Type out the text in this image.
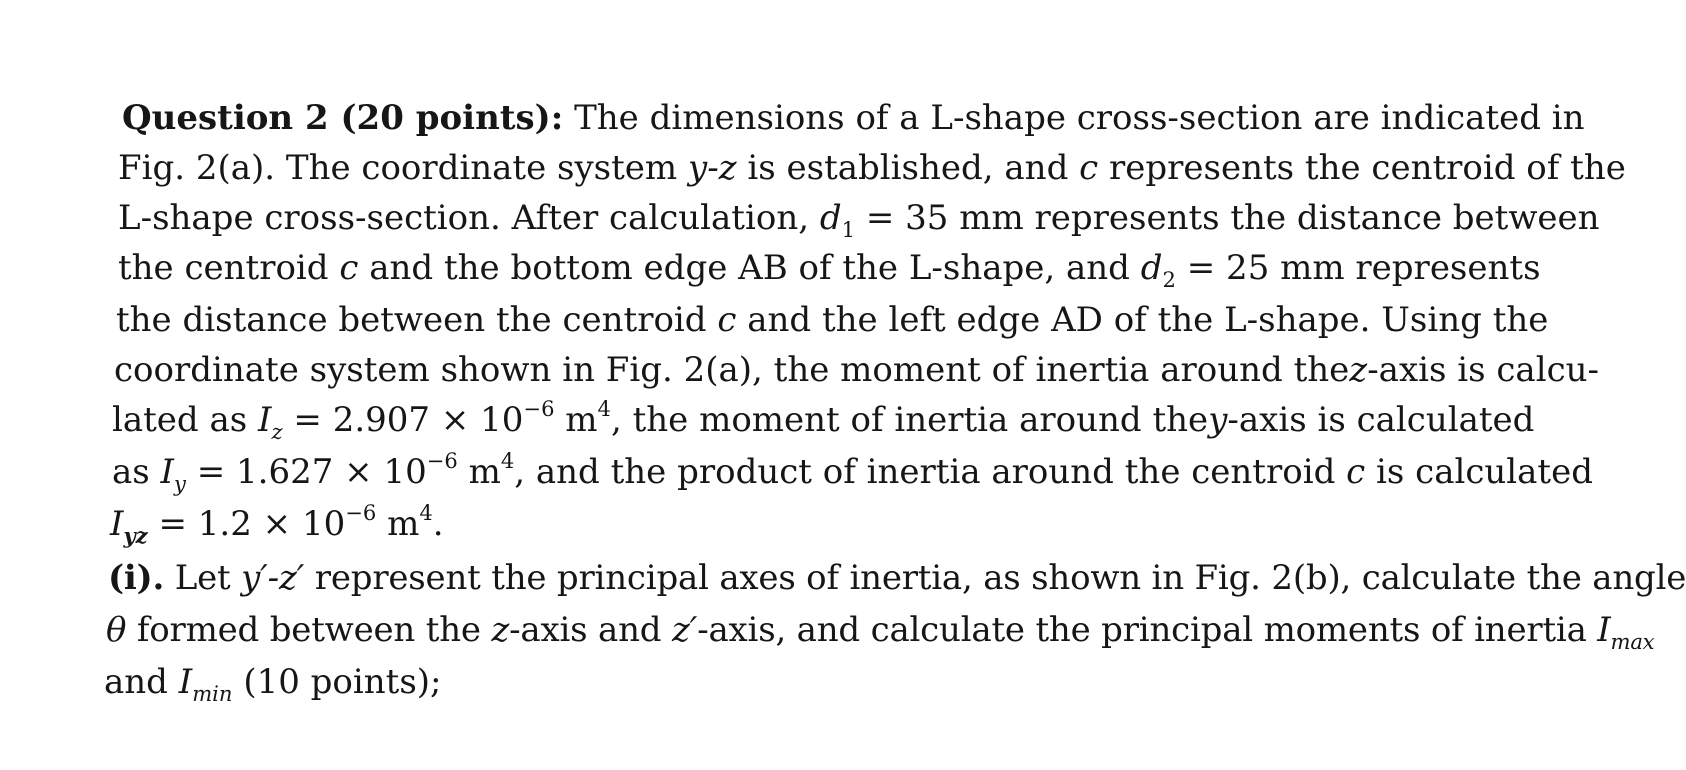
Question 2 (20 points): The dimensions of a L-shape cross-section are indicated in
Fig. 2(a). The coordinate system y-z is established, and c represents the centroid of the
L-shape cross-section. After calculation, $d_1 = 35$ mm represents the distance between
the centroid c and the bottom edge AB of the L-shape, and $d_2 = 25$ mm represents
the distance between the centroid c and the left edge AD of the L-shape. Using the
coordinate system shown in Fig. 2(a), the moment of inertia around thez-axis is calcu-
lated as $I_z = 2.907 \times 10^{-6}$ $m^4$, the moment of inertia around they-axis is calculated
as $I_y = 1.627 \times 10^{-6}$ $m^4$, and the product of inertia around the centroid c is calculated
$I_{yz} = 1.2 \times 10^{-6}$ $m^4$.
(i). Let y′-z′ represent the principal axes of inertia, as shown in Fig. 2(b), calculate the angle
θ formed between the z-axis and z′-axis, and calculate the principal moments of inertia $I_{max}$
and $I_{min}$ (10 points);
